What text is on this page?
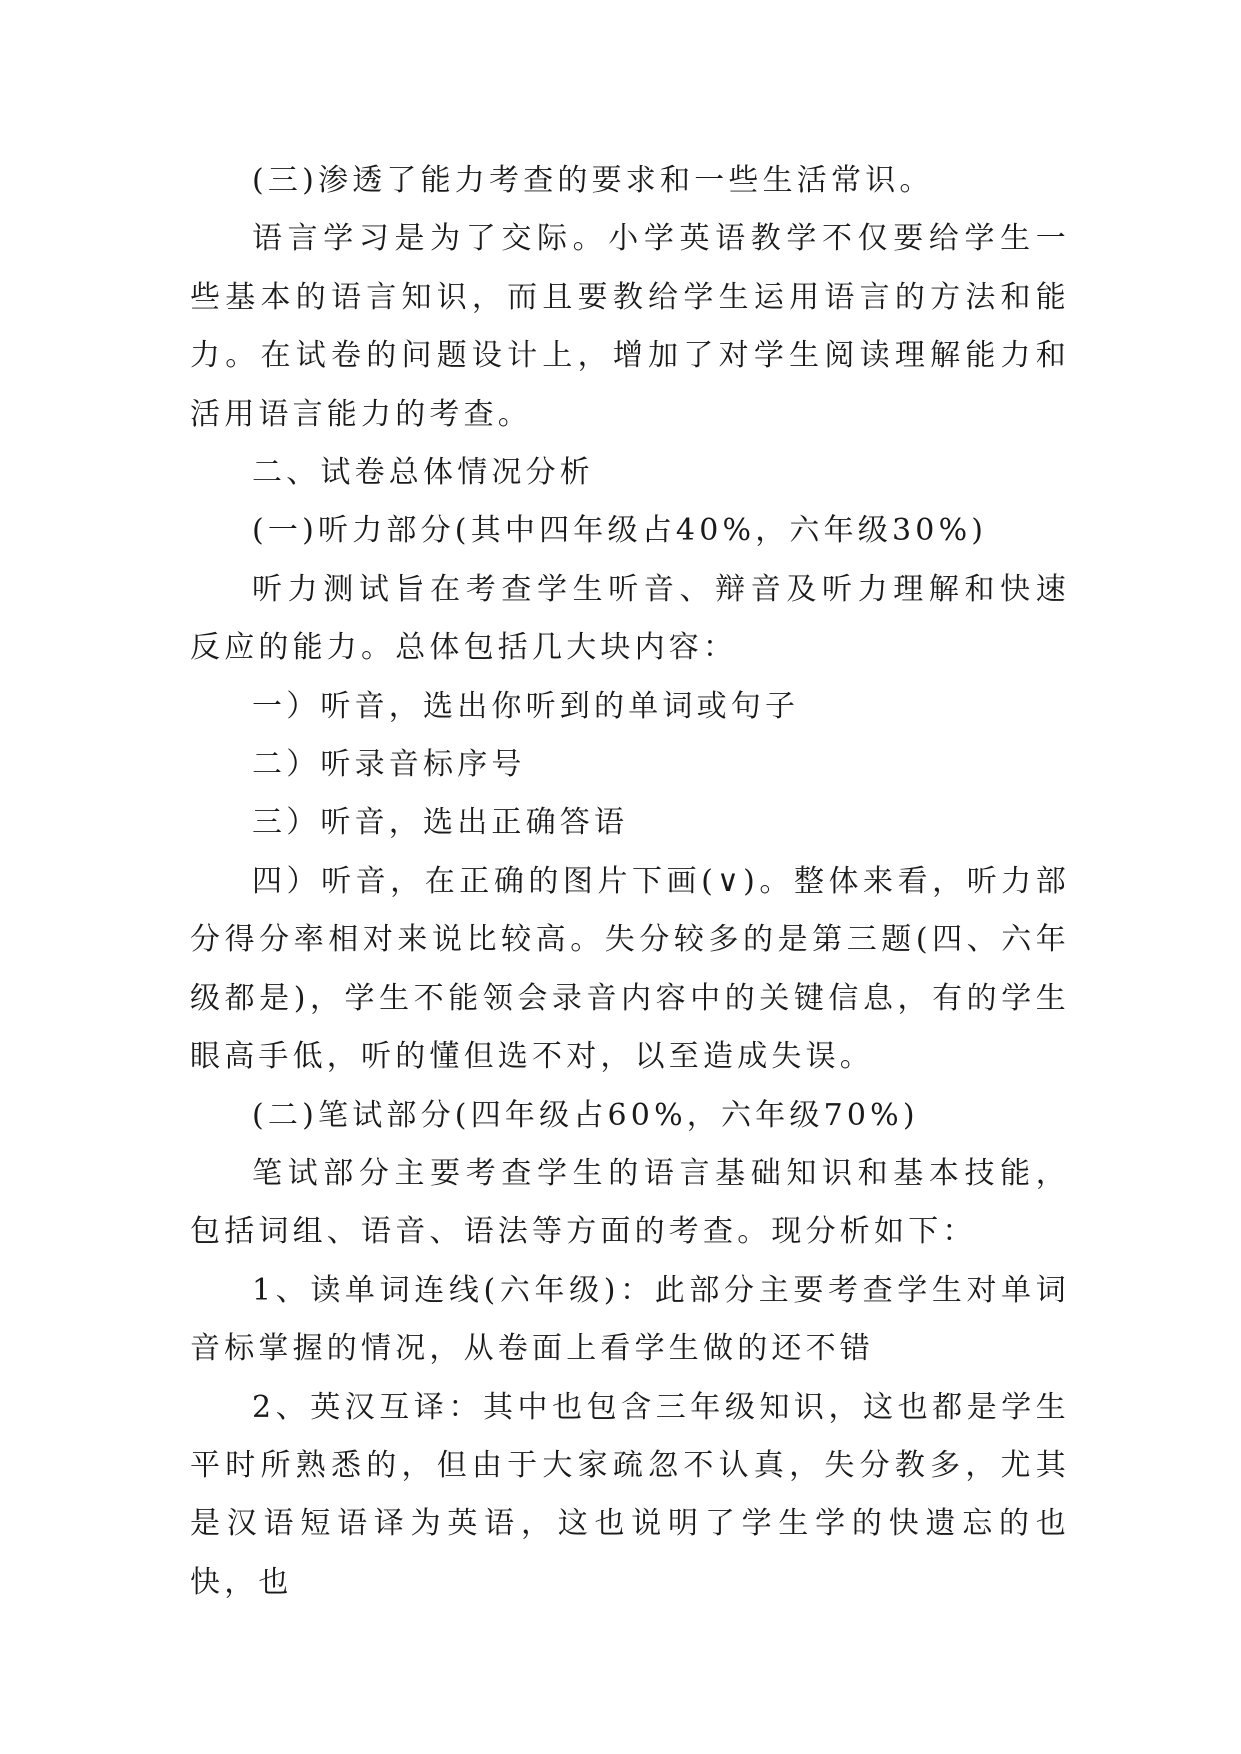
(三)渗透了能力考查的要求和一些生活常识。

语言学习是为了交际。小学英语教学不仅要给学生一些基本的语言知识，而且要教给学生运用语言的方法和能力。在试卷的问题设计上，增加了对学生阅读理解能力和活用语言能力的考查。

二、试卷总体情况分析

(一)听力部分(其中四年级占40%，六年级30%)

听力测试旨在考查学生听音、辩音及听力理解和快速反应的能力。总体包括几大块内容：

一）听音，选出你听到的单词或句子

二）听录音标序号

三）听音，选出正确答语

四）听音，在正确的图片下画(∨)。整体来看，听力部分得分率相对来说比较高。失分较多的是第三题(四、六年级都是)，学生不能领会录音内容中的关键信息，有的学生眼高手低，听的懂但选不对，以至造成失误。

(二)笔试部分(四年级占60%，六年级70%)

笔试部分主要考查学生的语言基础知识和基本技能，包括词组、语音、语法等方面的考查。现分析如下：

1、读单词连线(六年级)：此部分主要考查学生对单词音标掌握的情况，从卷面上看学生做的还不错

2、英汉互译：其中也包含三年级知识，这也都是学生平时所熟悉的，但由于大家疏忽不认真，失分教多，尤其是汉语短语译为英语，这也说明了学生学的快遗忘的也快，也
